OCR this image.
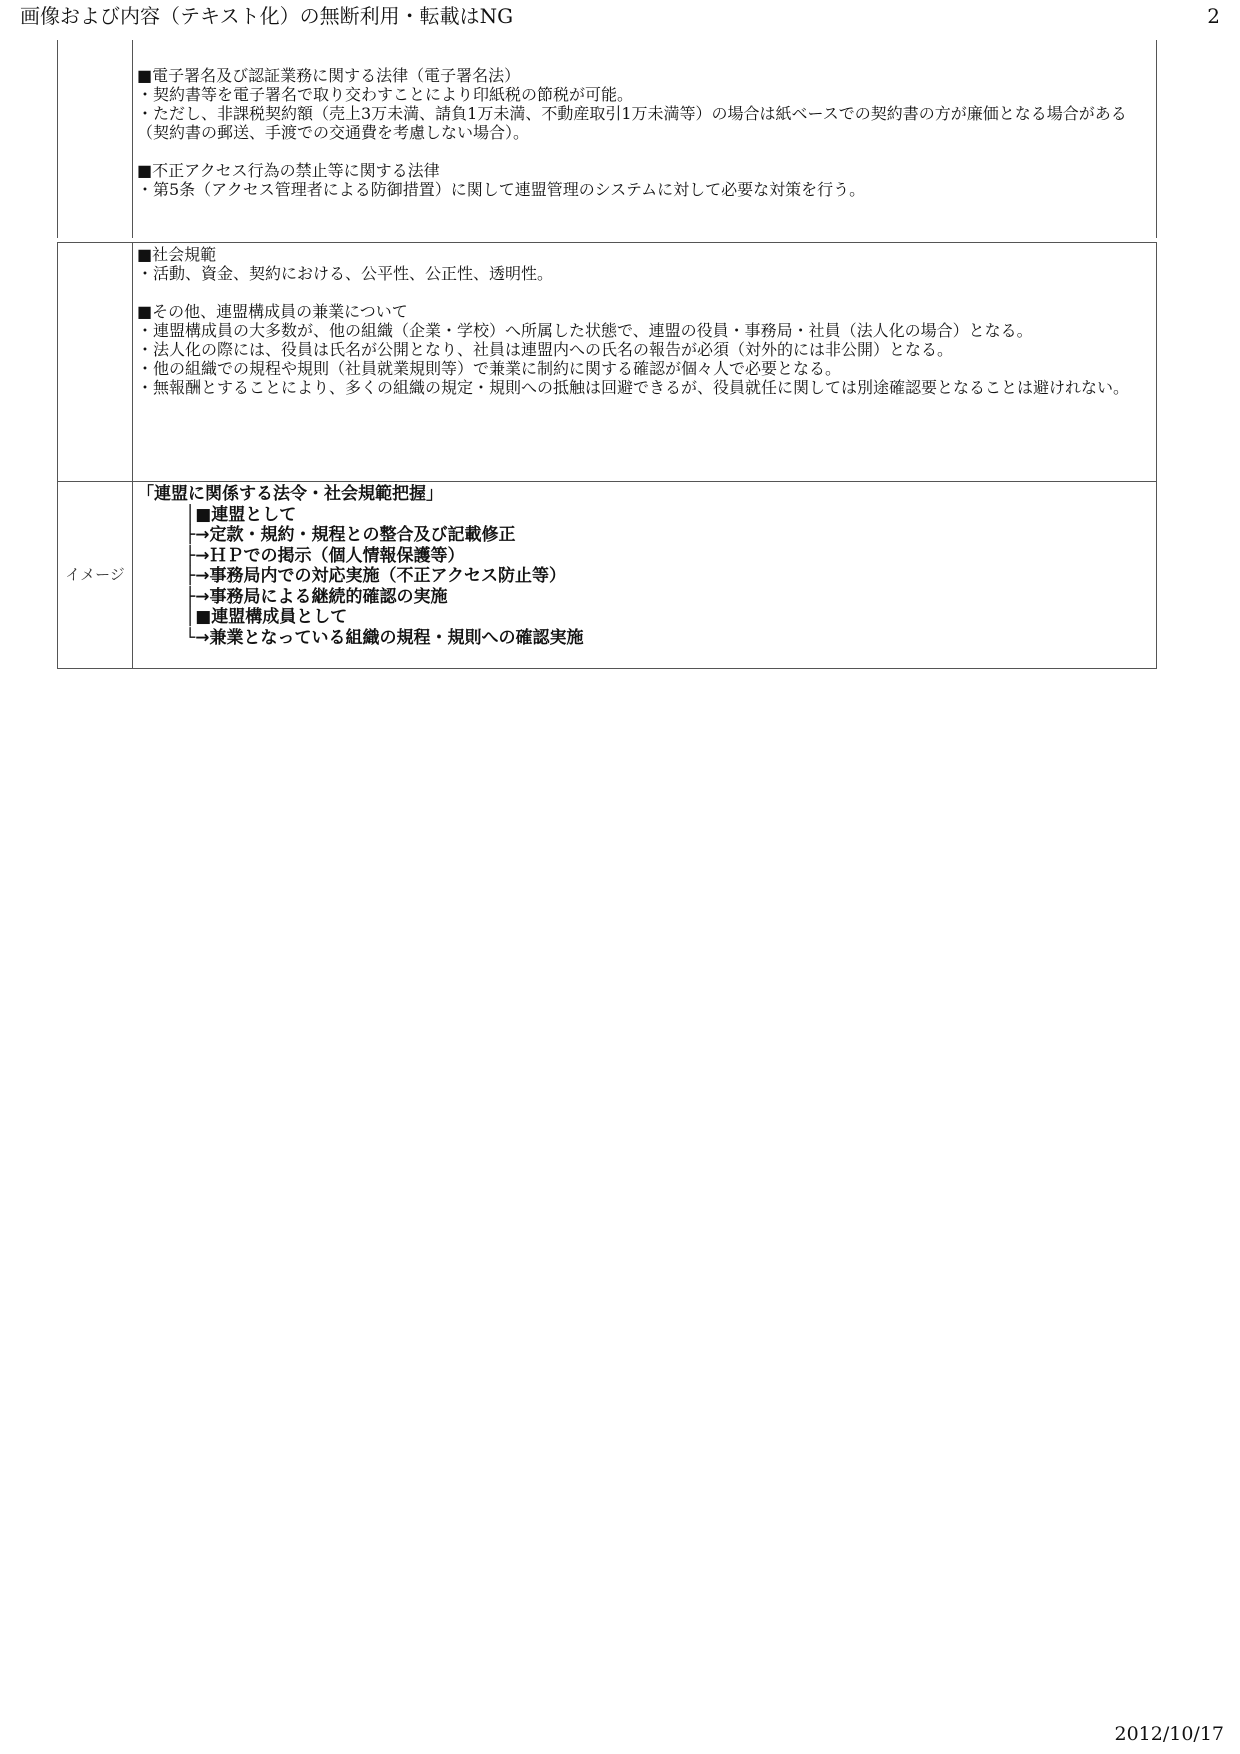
画像および内容（テキスト化）の無断利用・転載はNG	2
■電子署名及び認証業務に関する法律（電子署名法）
・契約書等を電子署名で取り交わすことにより印紙税の節税が可能。
・ただし、非課税契約額（売上3万未満、請負1万未満、不動産取引1万未満等）の場合は紙ベースでの契約書の方が廉価となる場合がある（契約書の郵送、手渡での交通費を考慮しない場合）。
■不正アクセス行為の禁止等に関する法律
・第5条（アクセス管理者による防御措置）に関して連盟管理のシステムに対して必要な対策を行う。
■社会規範
・活動、資金、契約における、公平性、公正性、透明性。
■その他、連盟構成員の兼業について
・連盟構成員の大多数が、他の組織（企業・学校）へ所属した状態で、連盟の役員・事務局・社員（法人化の場合）となる。
・法人化の際には、役員は氏名が公開となり、社員は連盟内への氏名の報告が必須（対外的には非公開）となる。
・他の組織での規程や規則（社員就業規則等）で兼業に制約に関する確認が個々人で必要となる。
・無報酬とすることにより、多くの組織の規定・規則への抵触は回避できるが、役員就任に関しては別途確認要となることは避けれない。
イメージ
「連盟に関係する法令・社会規範把握」
│■連盟として
├→定款・規約・規程との整合及び記載修正
├→ＨＰでの掲示（個人情報保護等）
├→事務局内での対応実施（不正アクセス防止等）
├→事務局による継続的確認の実施
│■連盟構成員として
└→兼業となっている組織の規程・規則への確認実施
2012/10/17
